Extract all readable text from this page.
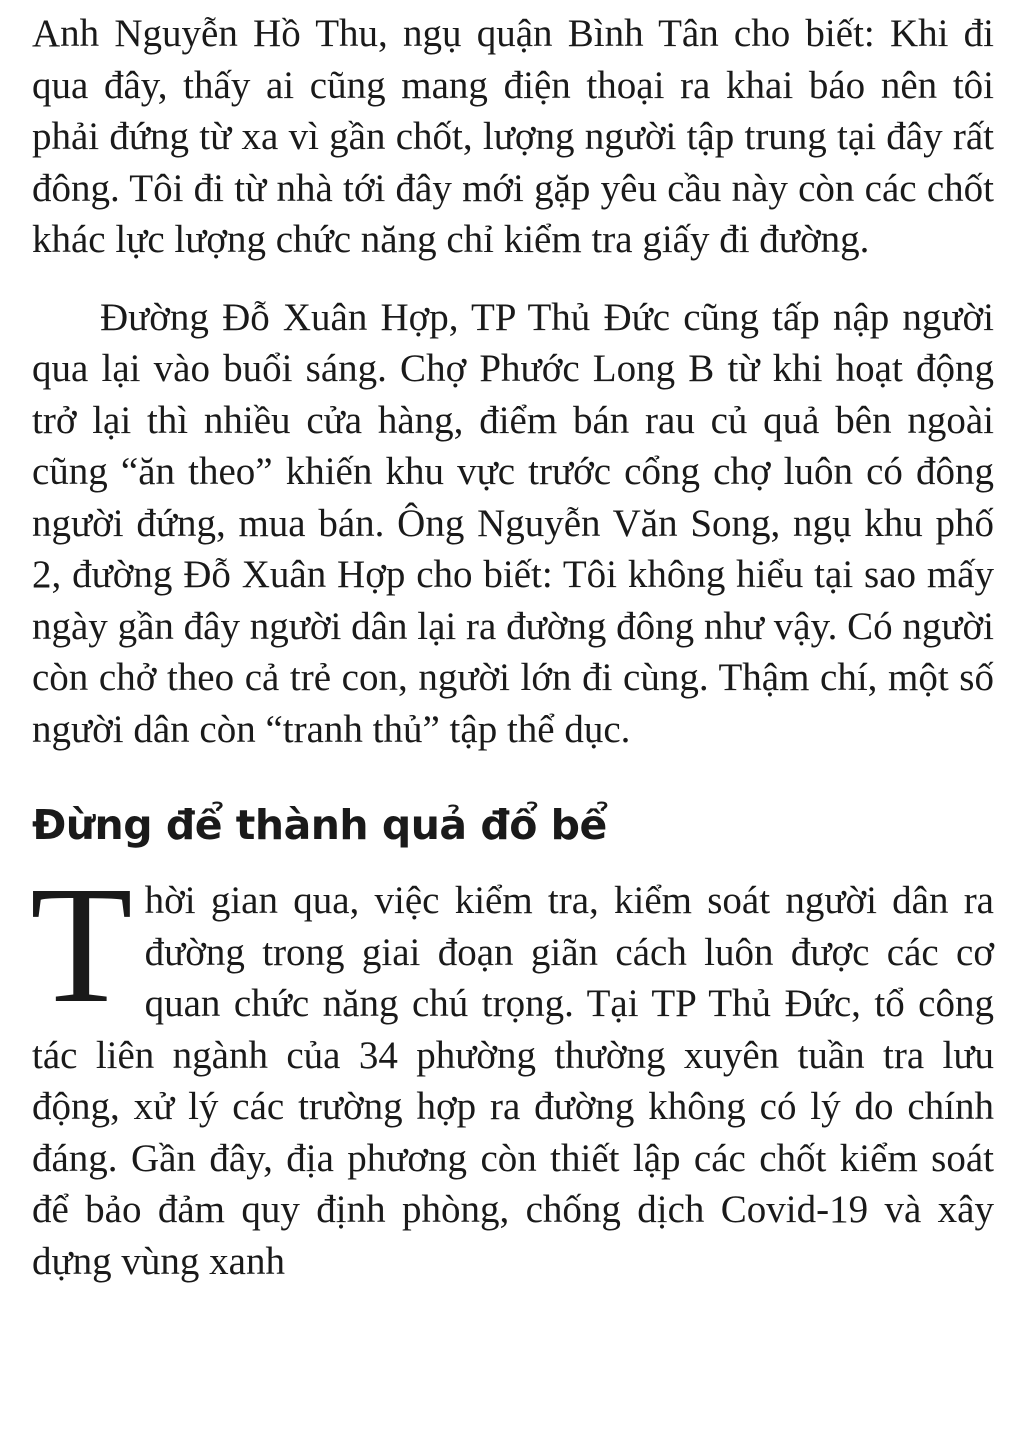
Anh Nguyễn Hồ Thu, ngụ quận Bình Tân cho biết: Khi đi qua đây, thấy ai cũng mang điện thoại ra khai báo nên tôi phải đứng từ xa vì gần chốt, lượng người tập trung tại đây rất đông. Tôi đi từ nhà tới đây mới gặp yêu cầu này còn các chốt khác lực lượng chức năng chỉ kiểm tra giấy đi đường.

Đường Đỗ Xuân Hợp, TP Thủ Đức cũng tấp nập người qua lại vào buổi sáng. Chợ Phước Long B từ khi hoạt động trở lại thì nhiều cửa hàng, điểm bán rau củ quả bên ngoài cũng “ăn theo” khiến khu vực trước cổng chợ luôn có đông người đứng, mua bán. Ông Nguyễn Văn Song, ngụ khu phố 2, đường Đỗ Xuân Hợp cho biết: Tôi không hiểu tại sao mấy ngày gần đây người dân lại ra đường đông như vậy. Có người còn chở theo cả trẻ con, người lớn đi cùng. Thậm chí, một số người dân còn “tranh thủ” tập thể dục.

Đừng để thành quả đổ bể

Thời gian qua, việc kiểm tra, kiểm soát người dân ra đường trong giai đoạn giãn cách luôn được các cơ quan chức năng chú trọng. Tại TP Thủ Đức, tổ công tác liên ngành của 34 phường thường xuyên tuần tra lưu động, xử lý các trường hợp ra đường không có lý do chính đáng. Gần đây, địa phương còn thiết lập các chốt kiểm soát để bảo đảm quy định phòng, chống dịch Covid-19 và xây dựng vùng xanh
